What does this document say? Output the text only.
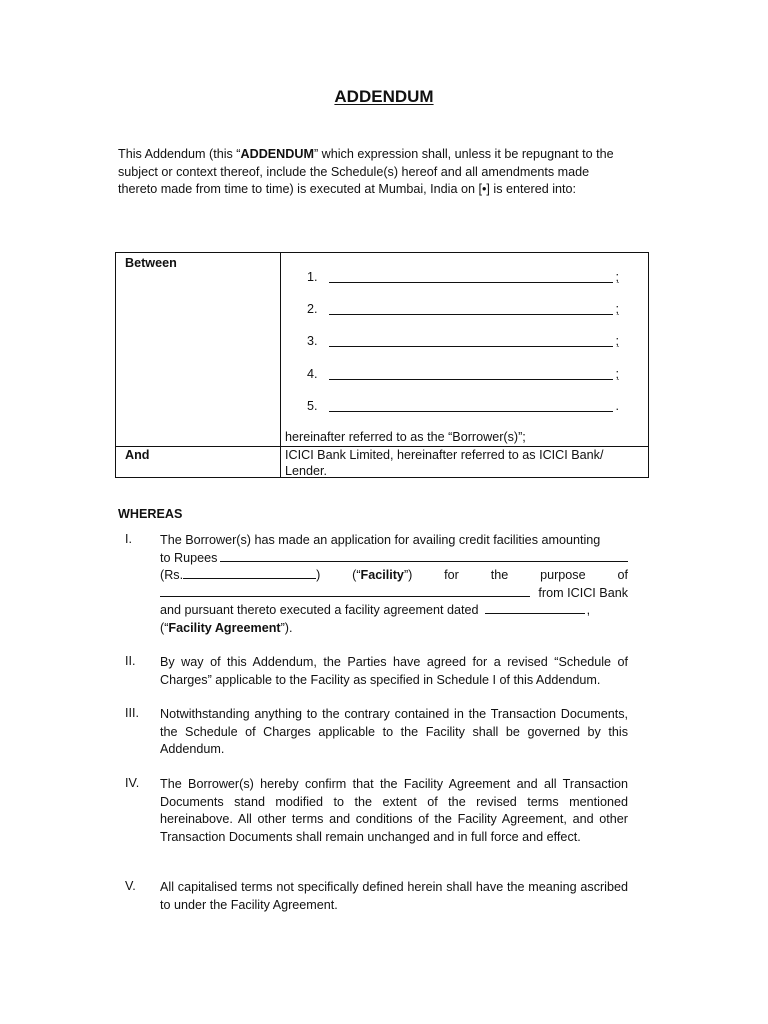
ADDENDUM
This Addendum (this “ADDENDUM” which expression shall, unless it be repugnant to the subject or context thereof, include the Schedule(s) hereof and all amendments made thereto made from time to time) is executed at Mumbai, India on [•] is entered into:
Between
1.	;
2.	;
3.	;
4.	;
5.	.
hereinafter referred to as the “Borrower(s)”;
And	ICICI Bank Limited, hereinafter referred to as ICICI Bank/ Lender.
WHEREAS
I. The Borrower(s) has made an application for availing credit facilities amounting
to Rupees
(Rs.	)	(“Facility”)	for	the	purpose	of
from ICICI Bank
and pursuant thereto executed a facility agreement dated	,
(“Facility Agreement”).
II. By way of this Addendum, the Parties have agreed for a revised “Schedule of Charges” applicable to the Facility as specified in Schedule I of this Addendum.
III. Notwithstanding anything to the contrary contained in the Transaction Documents, the Schedule of Charges applicable to the Facility shall be governed by this Addendum.
IV. The Borrower(s) hereby confirm that the Facility Agreement and all Transaction Documents stand modified to the extent of the revised terms mentioned hereinabove. All other terms and conditions of the Facility Agreement, and other Transaction Documents shall remain unchanged and in full force and effect.
V. All capitalised terms not specifically defined herein shall have the meaning ascribed to under the Facility Agreement.
